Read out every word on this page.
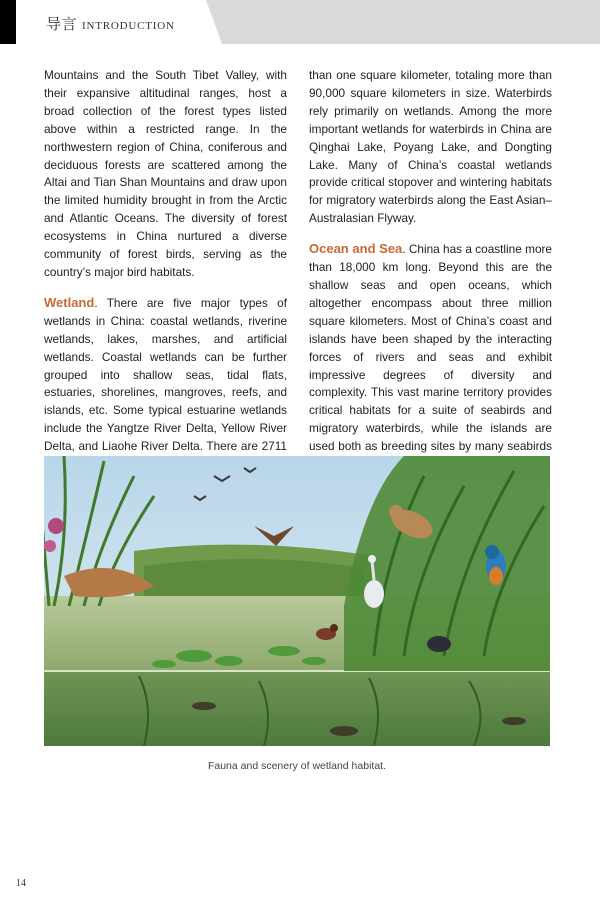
导言 INTRODUCTION

Mountains and the South Tibet Valley, with their expansive altitudinal ranges, host a broad collection of the forest types listed above within a restricted range. In the northwestern region of China, coniferous and deciduous forests are scattered among the Altai and Tian Shan Mountains and draw upon the limited humidity brought in from the Arctic and Atlantic Oceans. The diversity of forest ecosystems in China nurtured a diverse community of forest birds, serving as the country’s major bird habitats.

Wetland. There are five major types of wetlands in China: coastal wetlands, riverine wetlands, lakes, marshes, and artificial wetlands. Coastal wetlands can be further grouped into shallow seas, tidal flats, estuaries, shorelines, mangroves, reefs, and islands, etc. Some typical estuarine wetlands include the Yangtze River Delta, Yellow River Delta, and Liaohe River Delta. There are 2711

than one square kilometer, totaling more than 90,000 square kilometers in size. Waterbirds rely primarily on wetlands. Among the more important wetlands for waterbirds in China are Qinghai Lake, Poyang Lake, and Dongting Lake. Many of China’s coastal wetlands provide critical stopover and wintering habitats for migratory waterbirds along the East Asian–Australasian Flyway.

Ocean and Sea. China has a coastline more than 18,000 km long. Beyond this are the shallow seas and open oceans, which altogether encompass about three million square kilometers. Most of China’s coast and islands have been shaped by the interacting forces of rivers and seas and exhibit impressive degrees of diversity and complexity. This vast marine territory provides critical habitats for a suite of seabirds and migratory waterbirds, while the islands are used both as breeding sites by many seabirds

Fauna and scenery of wetland habitat.
14
